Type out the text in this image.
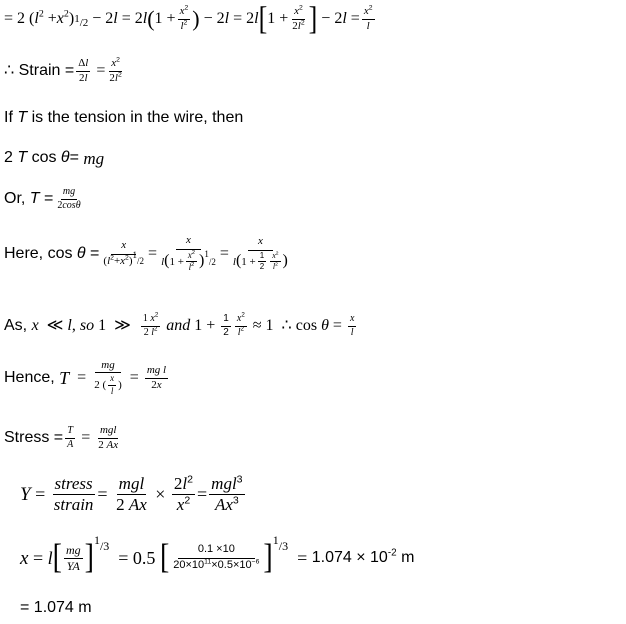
= 2 ( l $^2$ + x $^2$) 1 /2 − 2 l = 2 l ( $1 + \frac{x^2}{l^2}$ ) − 2 l = 2 l [ $1 + \frac{x^2}{2l^2}$ ] − 2 $l = \frac{x^2}{l}$
∴ Strain = $\frac{\Delta l}{2l} = \frac{x^2}{2l^2}$
If T is the tension in the wire, then
2 T cos θ = mg
Or, $T = \frac{mg}{2\cos\theta}$
Here, $\cos \theta = \frac{x}{(l^2+x^2)^1/2} = \frac{x}{l(1 + \frac{x^2}{l^2} )^1/2} = \frac{x}{l(1 + \frac{1}{2} \frac{x^2}{l^2} )}$
As, x ≪ l , so 1  ≫ $\frac{1 x^2}{2 l^2}$ and $1 + \frac{1}{2} \frac{x^2}{l^2} \approx 1$  ∴ $\cos \theta = \frac{x}{l}$
Hence, $T = \frac{mg}{2 ( \frac{x}{l} )} = \frac{\text{mg l}}{2x}$
Stress = $\frac{T}{A} = \frac{\text{mgl}}{2 Ax}$
$Y = \frac{\text{stress}}{\text{strain}} = \frac{\text{mgl}}{2 Ax} \times \frac{2l^2}{x^2} = \frac{mgl^3}{Ax^3}$
x = l [ $\frac{mg}{YA}$ ] 1 /3
= 0.5 [ $\frac{0.1 \times 10}{20\times 10^{11}\times 0.5\times 10^{-6}}$ ] 1 /3
= $1.074 \times 10^{-2}$ m
= 1.074 m
